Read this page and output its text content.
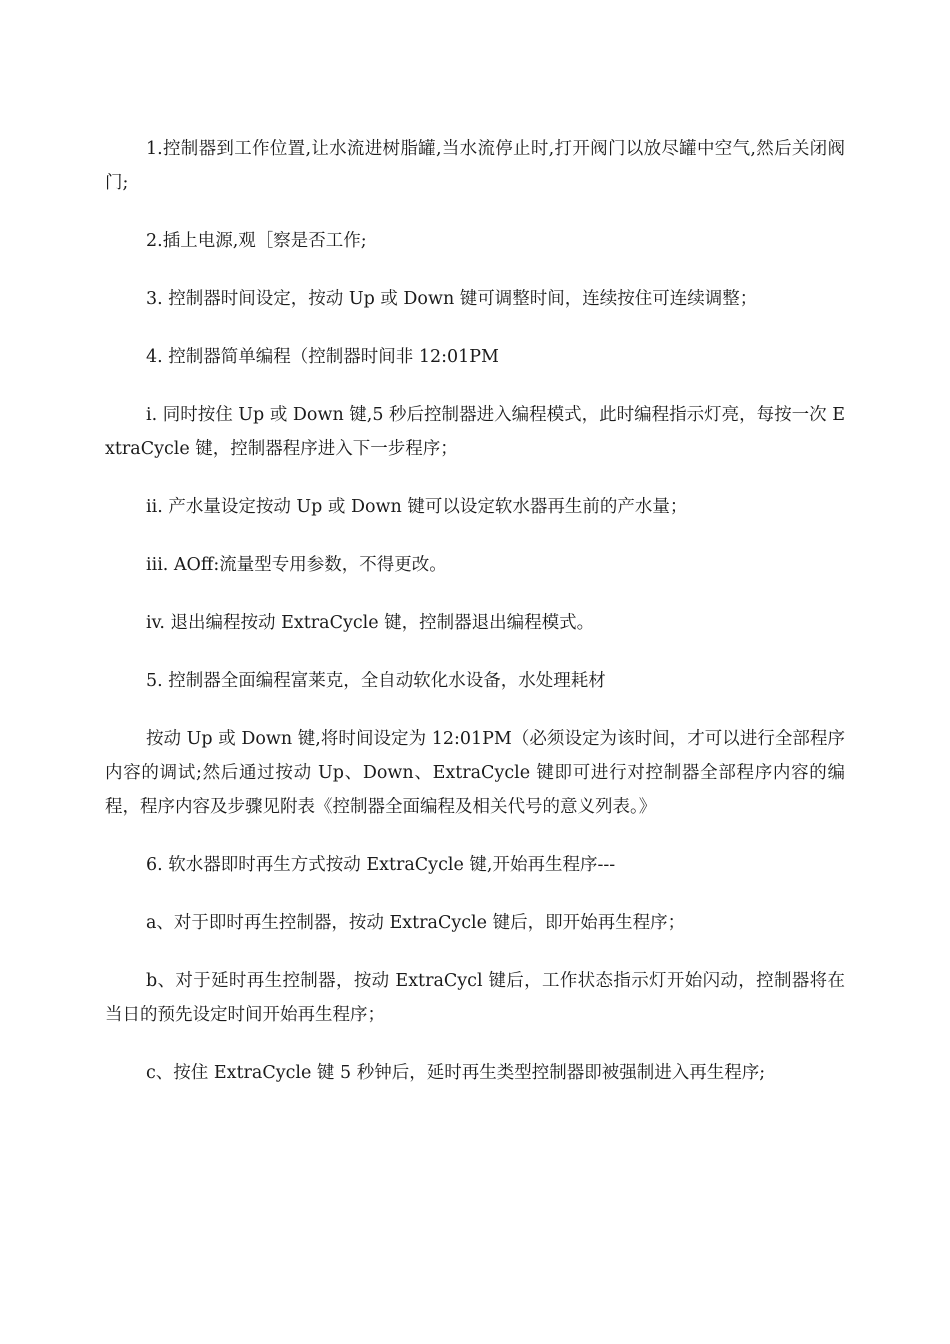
1.控制器到工作位置,让水流进树脂罐,当水流停止时,打开阀门以放尽罐中空气,然后关闭阀门;

2.插上电源,观［察是否工作;

3. 控制器时间设定，按动 Up 或 Down 键可调整时间，连续按住可连续调整；

4. 控制器简单编程（控制器时间非 12:01PM

i. 同时按住 Up 或 Down 键,5 秒后控制器进入编程模式，此时编程指示灯亮，每按一次 ExtraCycle 键，控制器程序进入下一步程序；

ii. 产水量设定按动 Up 或 Down 键可以设定软水器再生前的产水量；

iii. AOff:流量型专用参数，不得更改。

iv. 退出编程按动 ExtraCycle 键，控制器退出编程模式。

5. 控制器全面编程富莱克，全自动软化水设备，水处理耗材

按动 Up 或 Down 键,将时间设定为 12:01PM（必须设定为该时间，才可以进行全部程序内容的调试;然后通过按动 Up、Down、ExtraCycle 键即可进行对控制器全部程序内容的编程，程序内容及步骤见附表《控制器全面编程及相关代号的意义列表。》

6. 软水器即时再生方式按动 ExtraCycle 键,开始再生程序---

a、对于即时再生控制器，按动 ExtraCycle 键后，即开始再生程序；

b、对于延时再生控制器，按动 ExtraCycl 键后，工作状态指示灯开始闪动，控制器将在当日的预先设定时间开始再生程序；

c、按住 ExtraCycle 键 5 秒钟后，延时再生类型控制器即被强制进入再生程序;
